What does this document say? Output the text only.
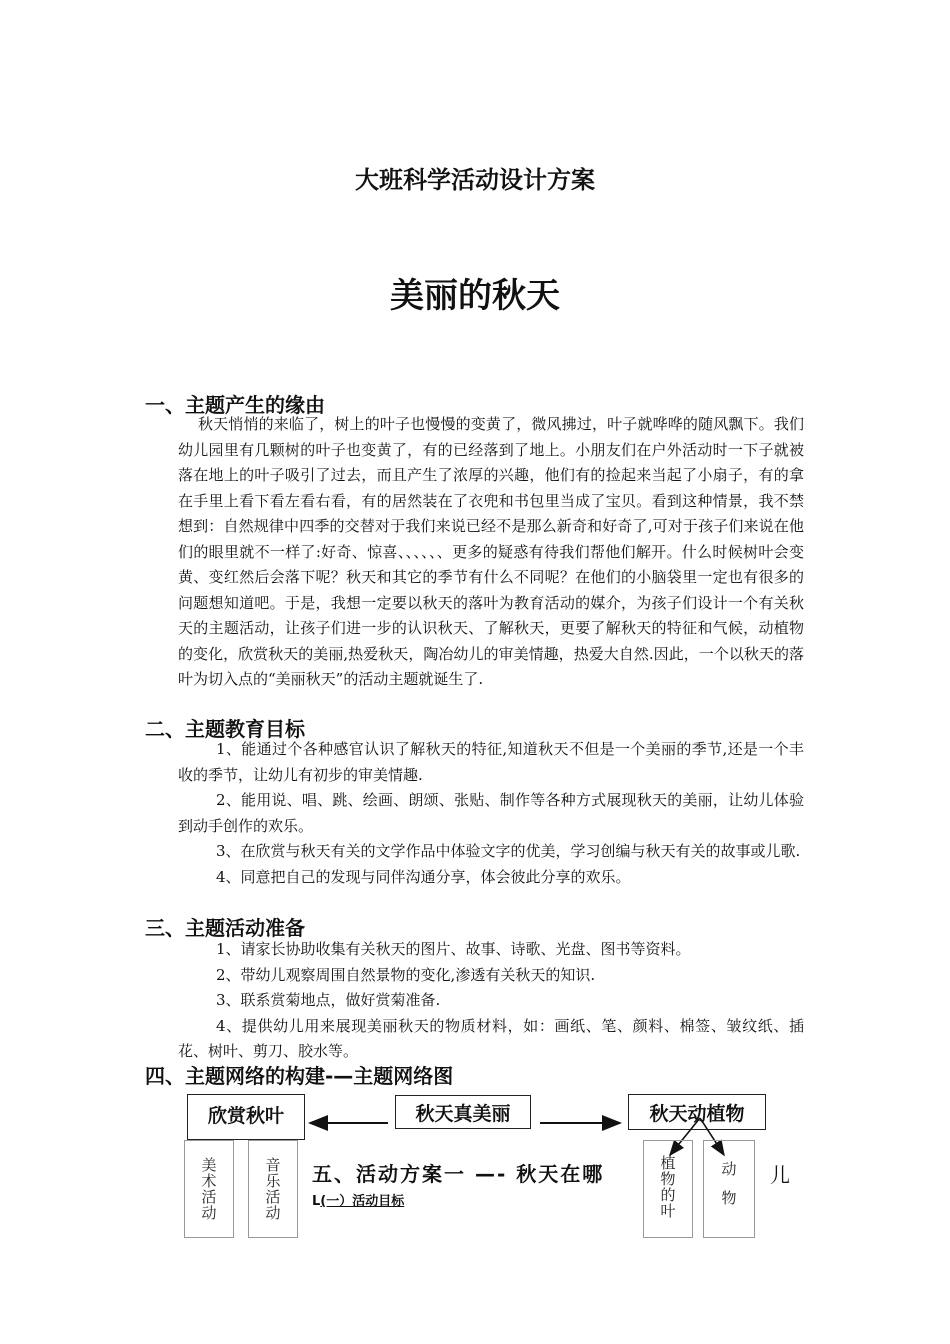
大班科学活动设计方案
美丽的秋天
一、主题产生的缘由

秋天悄悄的来临了，树上的叶子也慢慢的变黄了，微风拂过，叶子就哗哗的随风飘下。我们幼儿园里有几颗树的叶子也变黄了，有的已经落到了地上。小朋友们在户外活动时一下子就被落在地上的叶子吸引了过去，而且产生了浓厚的兴趣，他们有的捡起来当起了小扇子，有的拿在手里上看下看左看右看，有的居然装在了衣兜和书包里当成了宝贝。看到这种情景，我不禁想到：自然规律中四季的交替对于我们来说已经不是那么新奇和好奇了,可对于孩子们来说在他们的眼里就不一样了:好奇、惊喜、、、、、、更多的疑惑有待我们帮他们解开。什么时候树叶会变黄、变红然后会落下呢？秋天和其它的季节有什么不同呢？在他们的小脑袋里一定也有很多的问题想知道吧。于是，我想一定要以秋天的落叶为教育活动的媒介，为孩子们设计一个有关秋天的主题活动，让孩子们进一步的认识秋天、了解秋天，更要了解秋天的特征和气候，动植物的变化，欣赏秋天的美丽,热爱秋天，陶冶幼儿的审美情趣，热爱大自然.因此，一个以秋天的落叶为切入点的“美丽秋天”的活动主题就诞生了.

二、主题教育目标

1、能通过个各种感官认识了解秋天的特征,知道秋天不但是一个美丽的季节,还是一个丰收的季节，让幼儿有初步的审美情趣.

2、能用说、唱、跳、绘画、朗颂、张贴、制作等各种方式展现秋天的美丽，让幼儿体验到动手创作的欢乐。

3、在欣赏与秋天有关的文学作品中体验文字的优美，学习创编与秋天有关的故事或儿歌.

4、同意把自己的发现与同伴沟通分享，体会彼此分享的欢乐。

三、主题活动准备

1、请家长协助收集有关秋天的图片、故事、诗歌、光盘、图书等资料。

2、带幼儿观察周围自然景物的变化,渗透有关秋天的知识.

3、联系赏菊地点，做好赏菊准备.

4、提供幼儿用来展现美丽秋天的物质材料，如：画纸、笔、颜料、棉签、皱纹纸、插花、树叶、剪刀、胶水等。

四、主题网络的构建-—主题网络图
欣赏秋叶	秋天真美丽	秋天动植物
美术活动	音乐活动	植物的叶	动物
五、活动方案一 —- 秋天在哪	儿
L(一）活动目标
